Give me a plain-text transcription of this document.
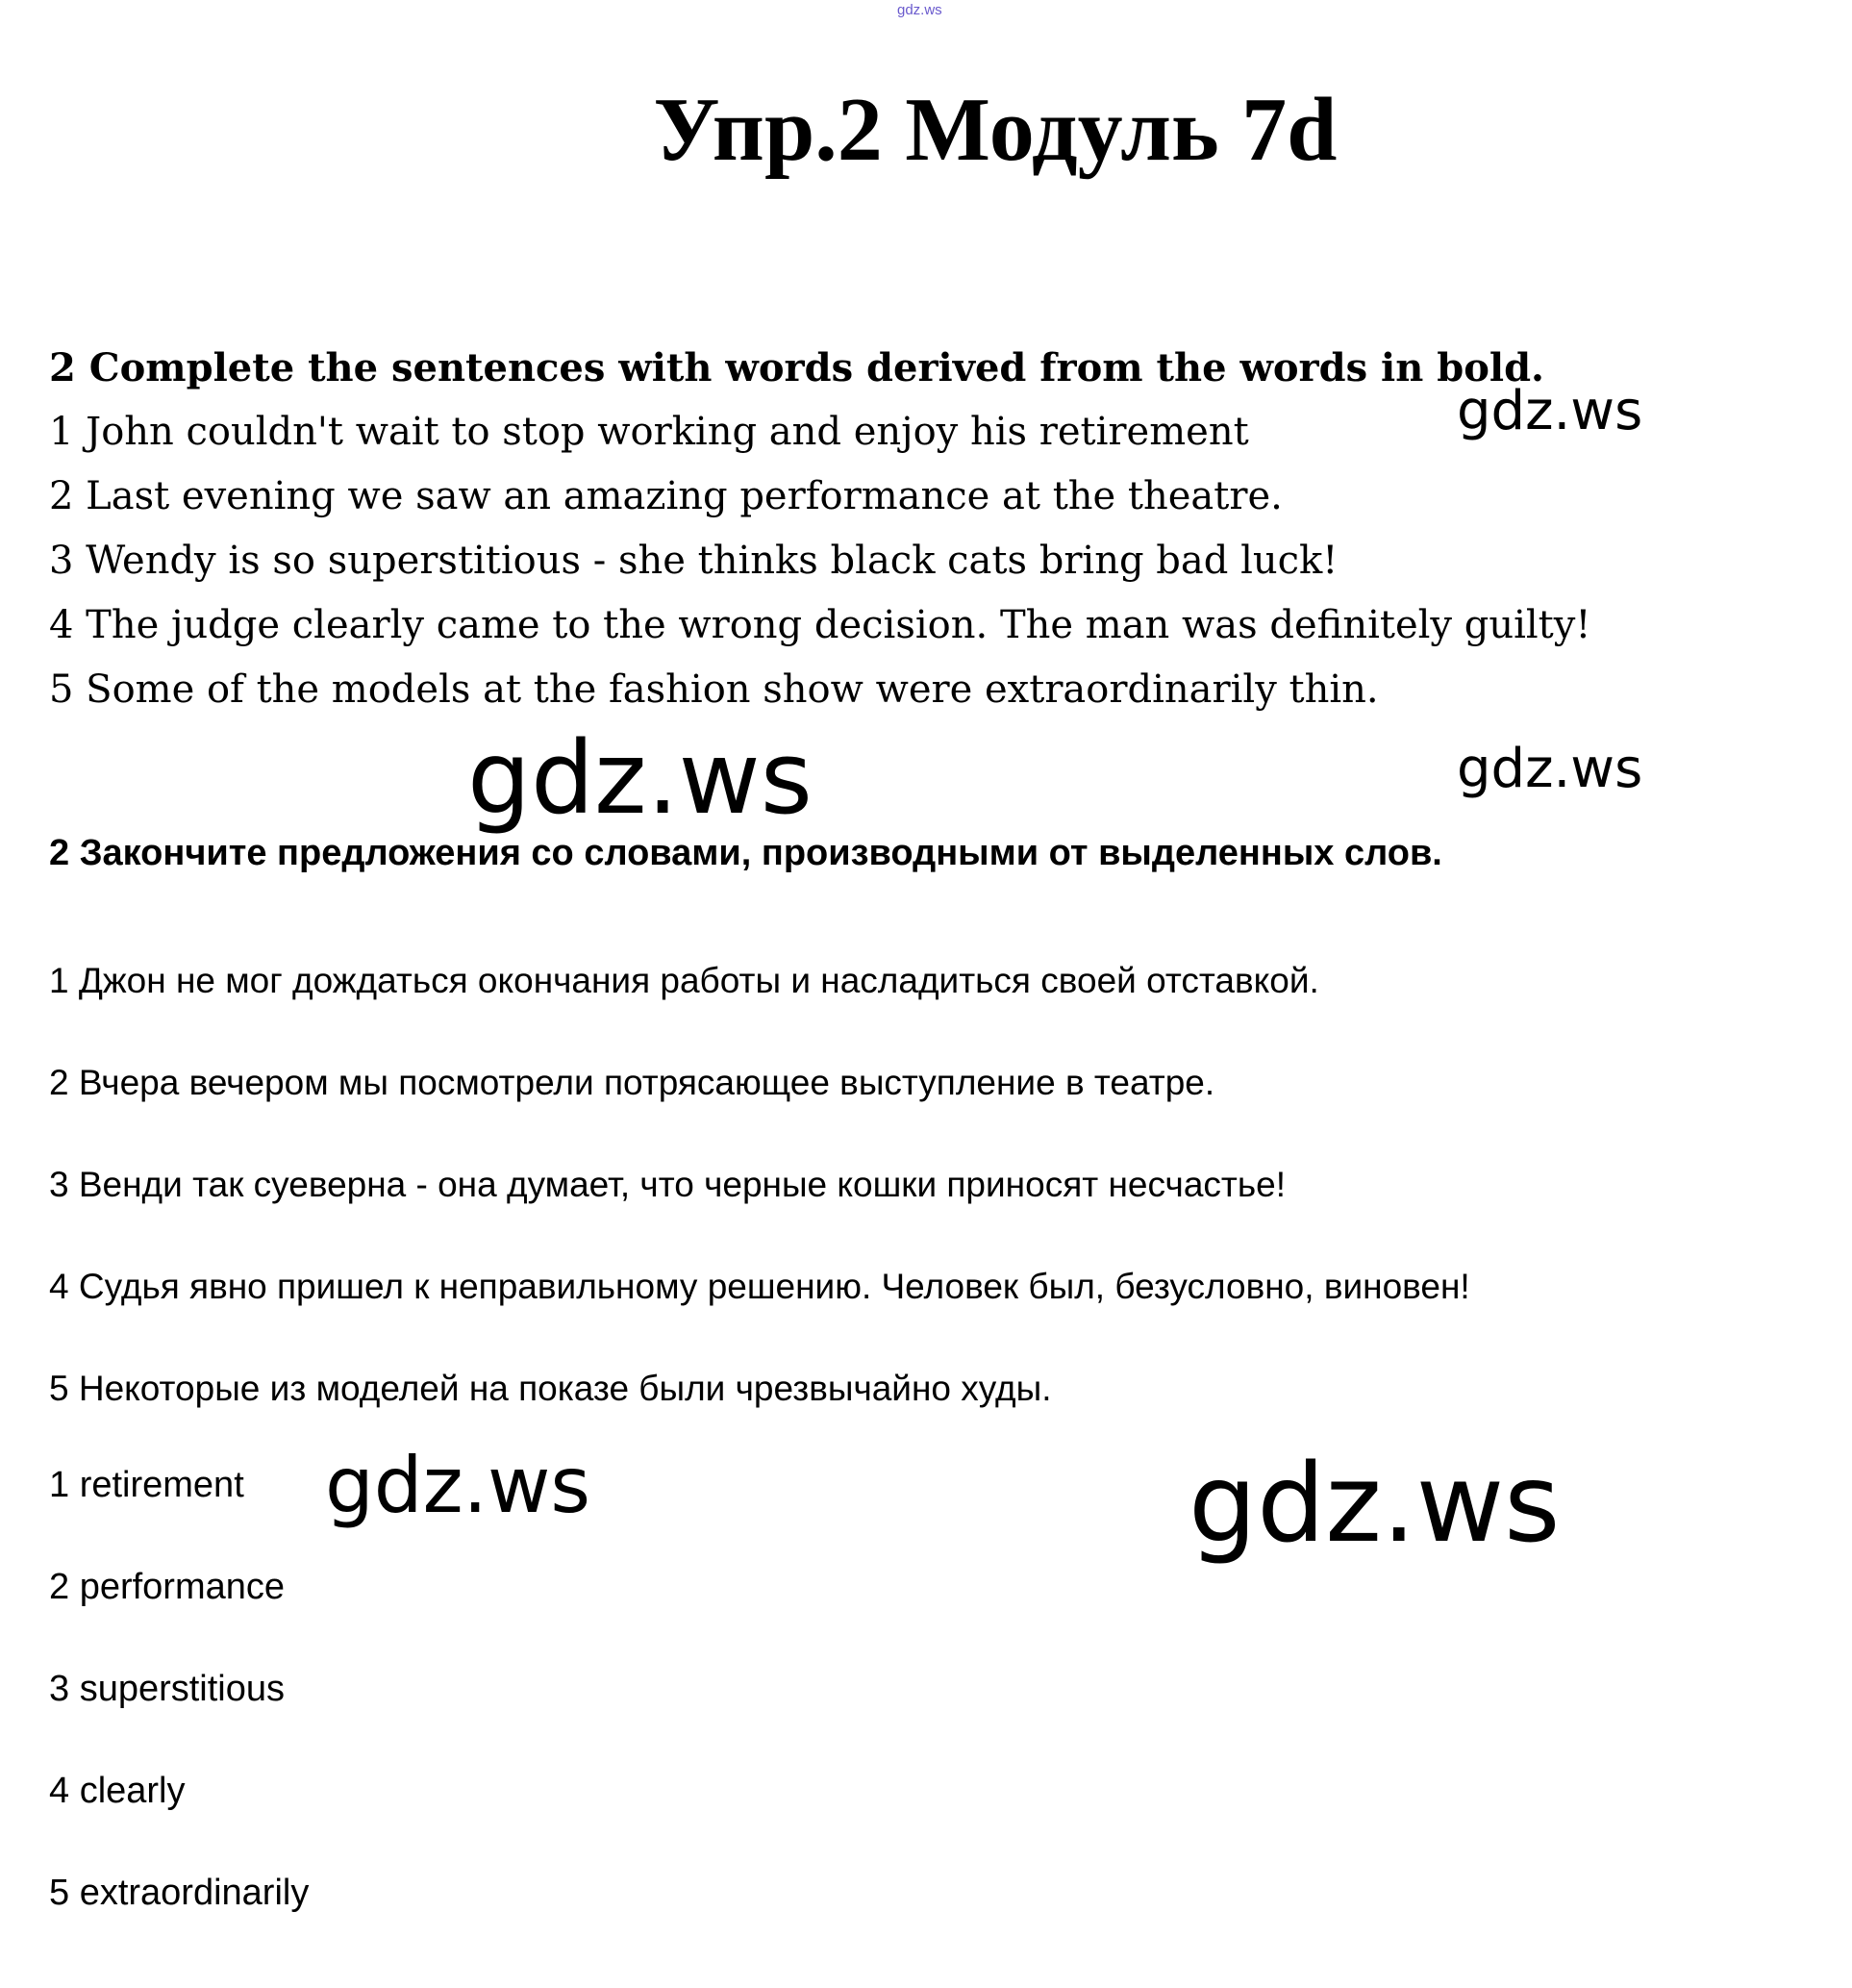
gdz.ws
Упр.2 Модуль 7d
2 Complete the sentences with words derived from the words in bold.
1 John couldn't wait to stop working and enjoy his retirement
2 Last evening we saw an amazing performance at the theatre.
3 Wendy is so superstitious - she thinks black cats bring bad luck!
4 The judge clearly came to the wrong decision. The man was definitely guilty!
5 Some of the models at the fashion show were extraordinarily thin.
2 Закончите предложения со словами, производными от выделенных слов.
1 Джон не мог дождаться окончания работы и насладиться своей отставкой.
2 Вчера вечером мы посмотрели потрясающее выступление в театре.
3 Венди так суеверна - она думает, что черные кошки приносят несчастье!
4 Судья явно пришел к неправильному решению. Человек был, безусловно, виновен!
5 Некоторые из моделей на показе были чрезвычайно худы.
1 retirement
2 performance
3 superstitious
4 clearly
5 extraordinarily
gdz.ws
gdz.ws	gdz.ws
gdz.ws	gdz.ws
